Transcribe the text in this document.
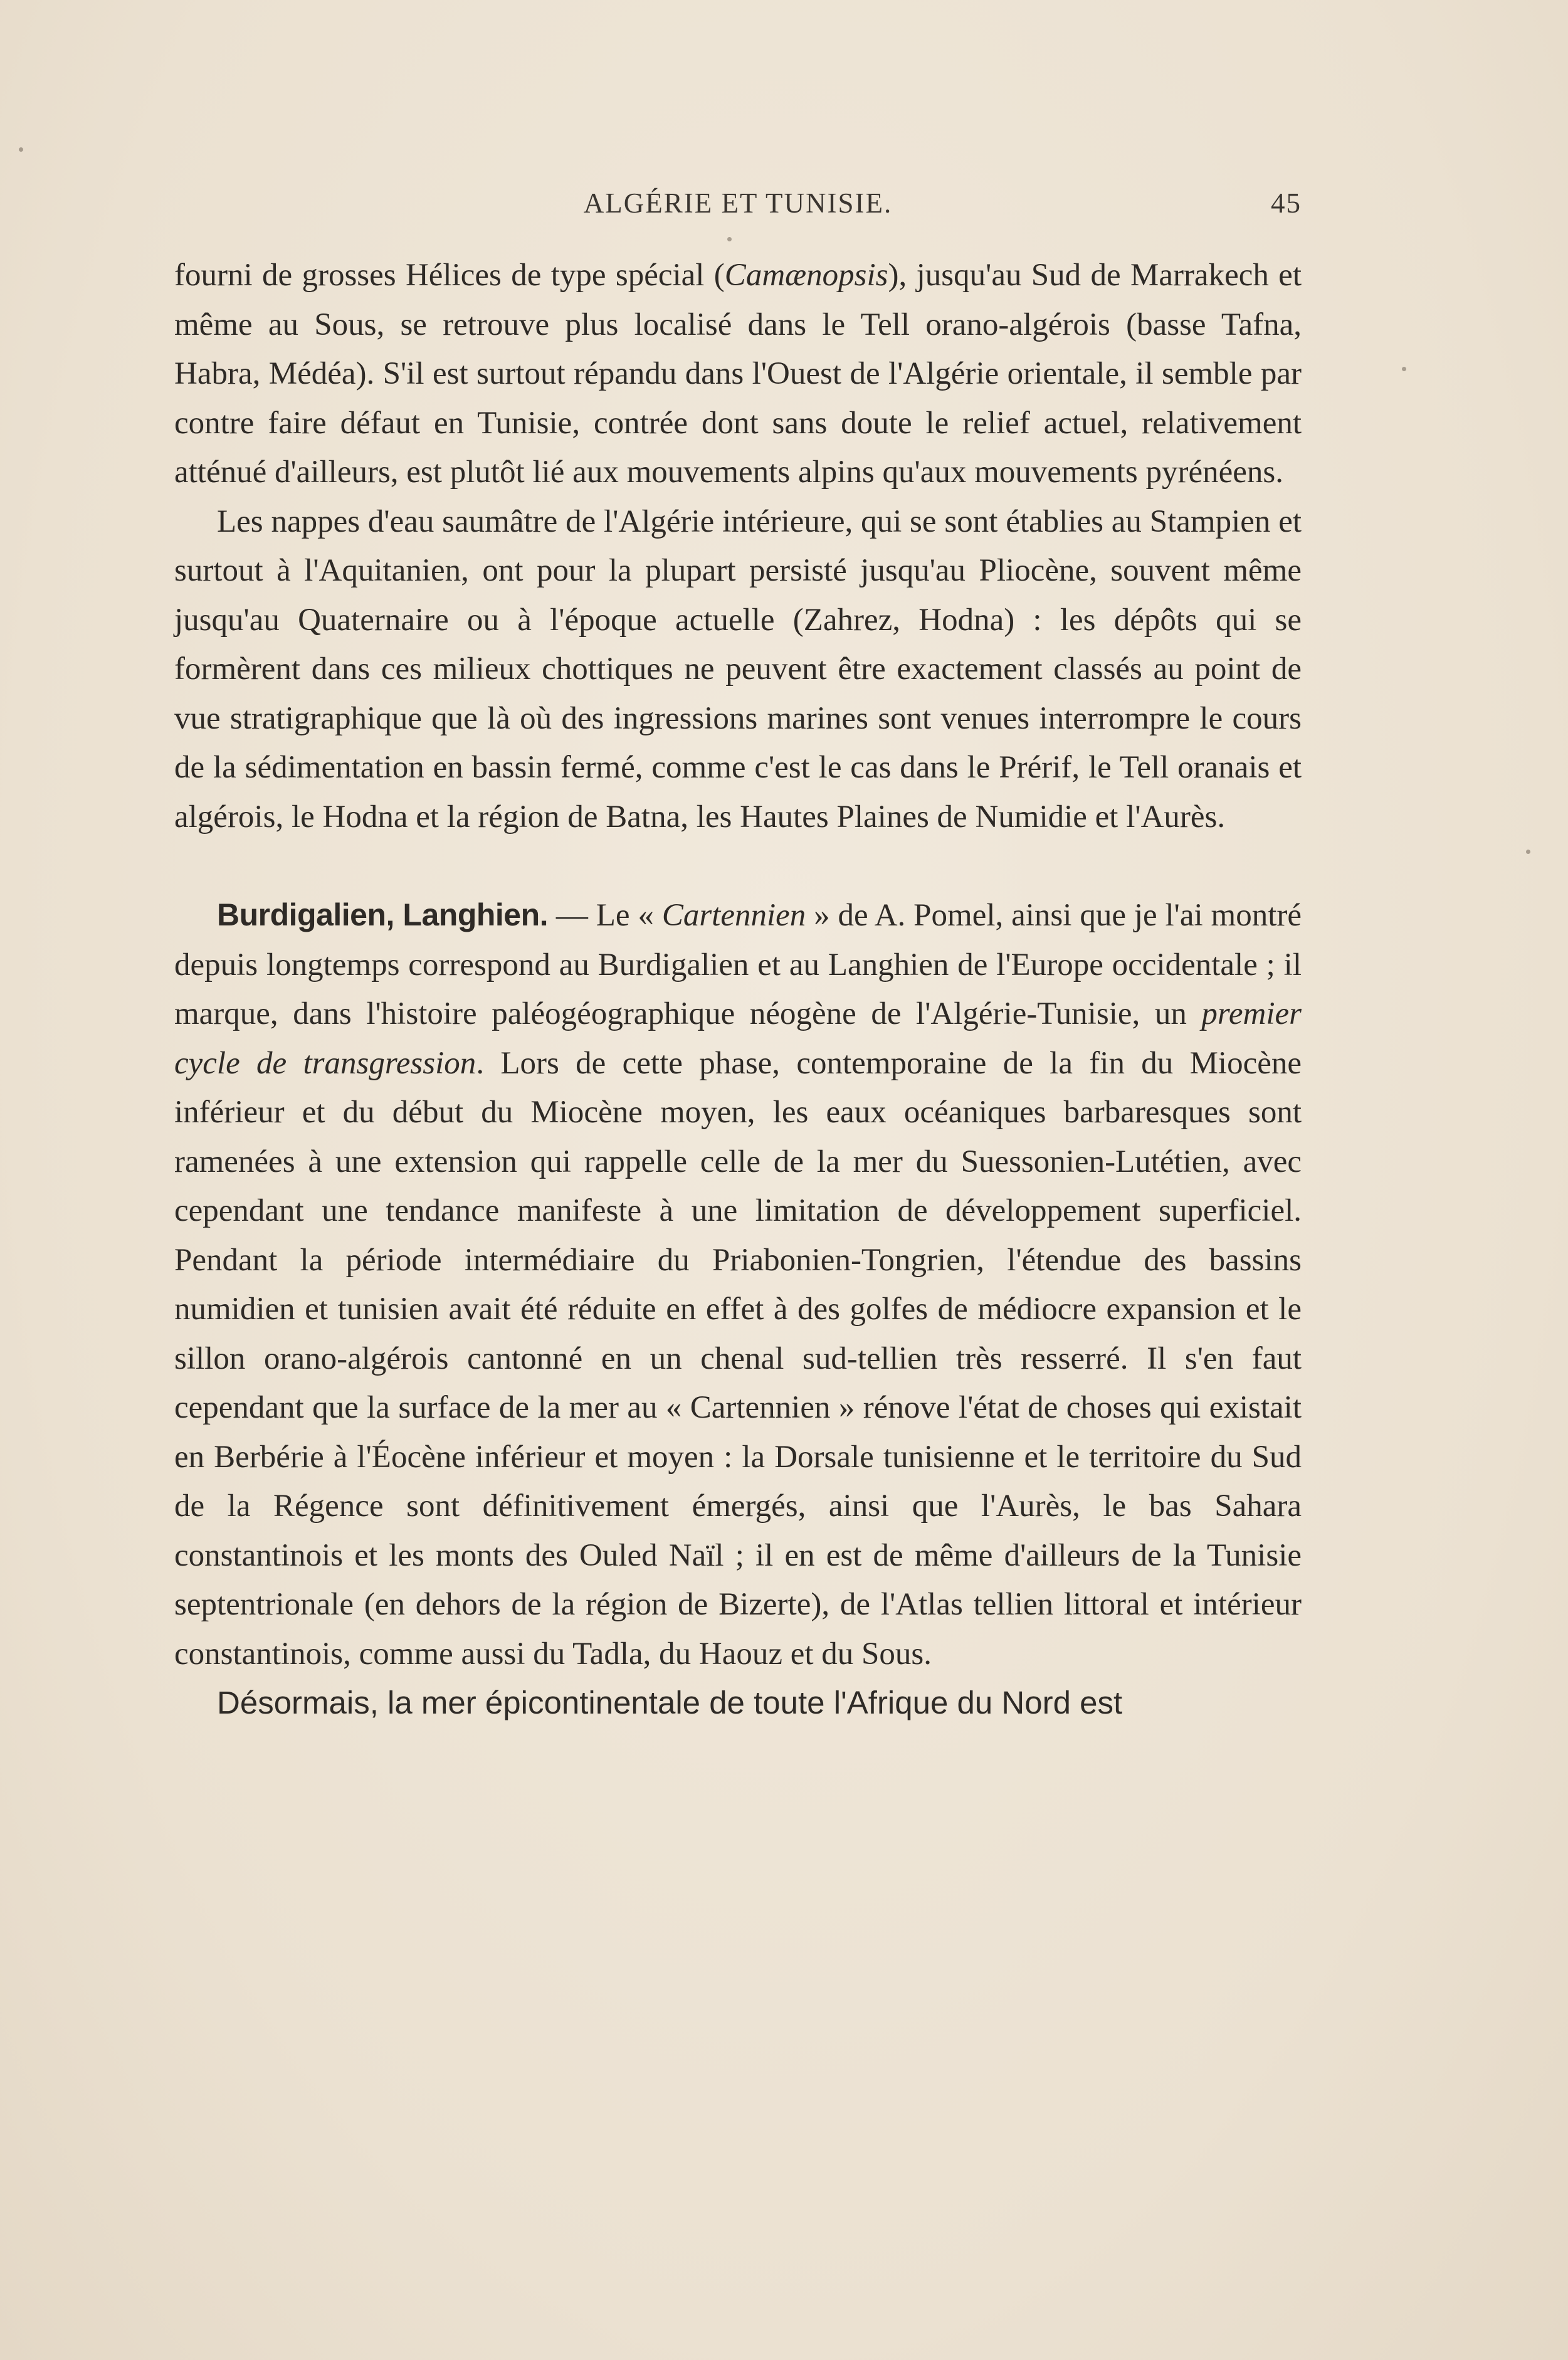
ALGÉRIE ET TUNISIE.	45

fourni de grosses Hélices de type spécial (Camænopsis), jusqu'au Sud de Marrakech et même au Sous, se retrouve plus localisé dans le Tell orano-algérois (basse Tafna, Habra, Médéa). S'il est surtout répandu dans l'Ouest de l'Algérie orientale, il semble par contre faire défaut en Tunisie, contrée dont sans doute le relief actuel, relativement atténué d'ailleurs, est plutôt lié aux mouvements alpins qu'aux mouvements pyrénéens.

Les nappes d'eau saumâtre de l'Algérie intérieure, qui se sont établies au Stampien et surtout à l'Aquitanien, ont pour la plupart persisté jusqu'au Pliocène, souvent même jusqu'au Quaternaire ou à l'époque actuelle (Zahrez, Hodna) : les dépôts qui se formèrent dans ces milieux chottiques ne peuvent être exactement classés au point de vue stratigraphique que là où des ingressions marines sont venues interrompre le cours de la sédimentation en bassin fermé, comme c'est le cas dans le Prérif, le Tell oranais et algérois, le Hodna et la région de Batna, les Hautes Plaines de Numidie et l'Aurès.

Burdigalien, Langhien. — Le « Cartennien » de A. Pomel, ainsi que je l'ai montré depuis longtemps correspond au Burdigalien et au Langhien de l'Europe occidentale ; il marque, dans l'histoire paléogéographique néogène de l'Algérie-Tunisie, un premier cycle de transgression. Lors de cette phase, contemporaine de la fin du Miocène inférieur et du début du Miocène moyen, les eaux océaniques barbaresques sont ramenées à une extension qui rappelle celle de la mer du Suessonien-Lutétien, avec cependant une tendance manifeste à une limitation de développement superficiel. Pendant la période intermédiaire du Priabonien-Tongrien, l'étendue des bassins numidien et tunisien avait été réduite en effet à des golfes de médiocre expansion et le sillon orano-algérois cantonné en un chenal sud-tellien très resserré. Il s'en faut cependant que la surface de la mer au « Cartennien » rénove l'état de choses qui existait en Berbérie à l'Éocène inférieur et moyen : la Dorsale tunisienne et le territoire du Sud de la Régence sont définitivement émergés, ainsi que l'Aurès, le bas Sahara constantinois et les monts des Ouled Naïl ; il en est de même d'ailleurs de la Tunisie septentrionale (en dehors de la région de Bizerte), de l'Atlas tellien littoral et intérieur constantinois, comme aussi du Tadla, du Haouz et du Sous.

Désormais, la mer épicontinentale de toute l'Afrique du Nord est
